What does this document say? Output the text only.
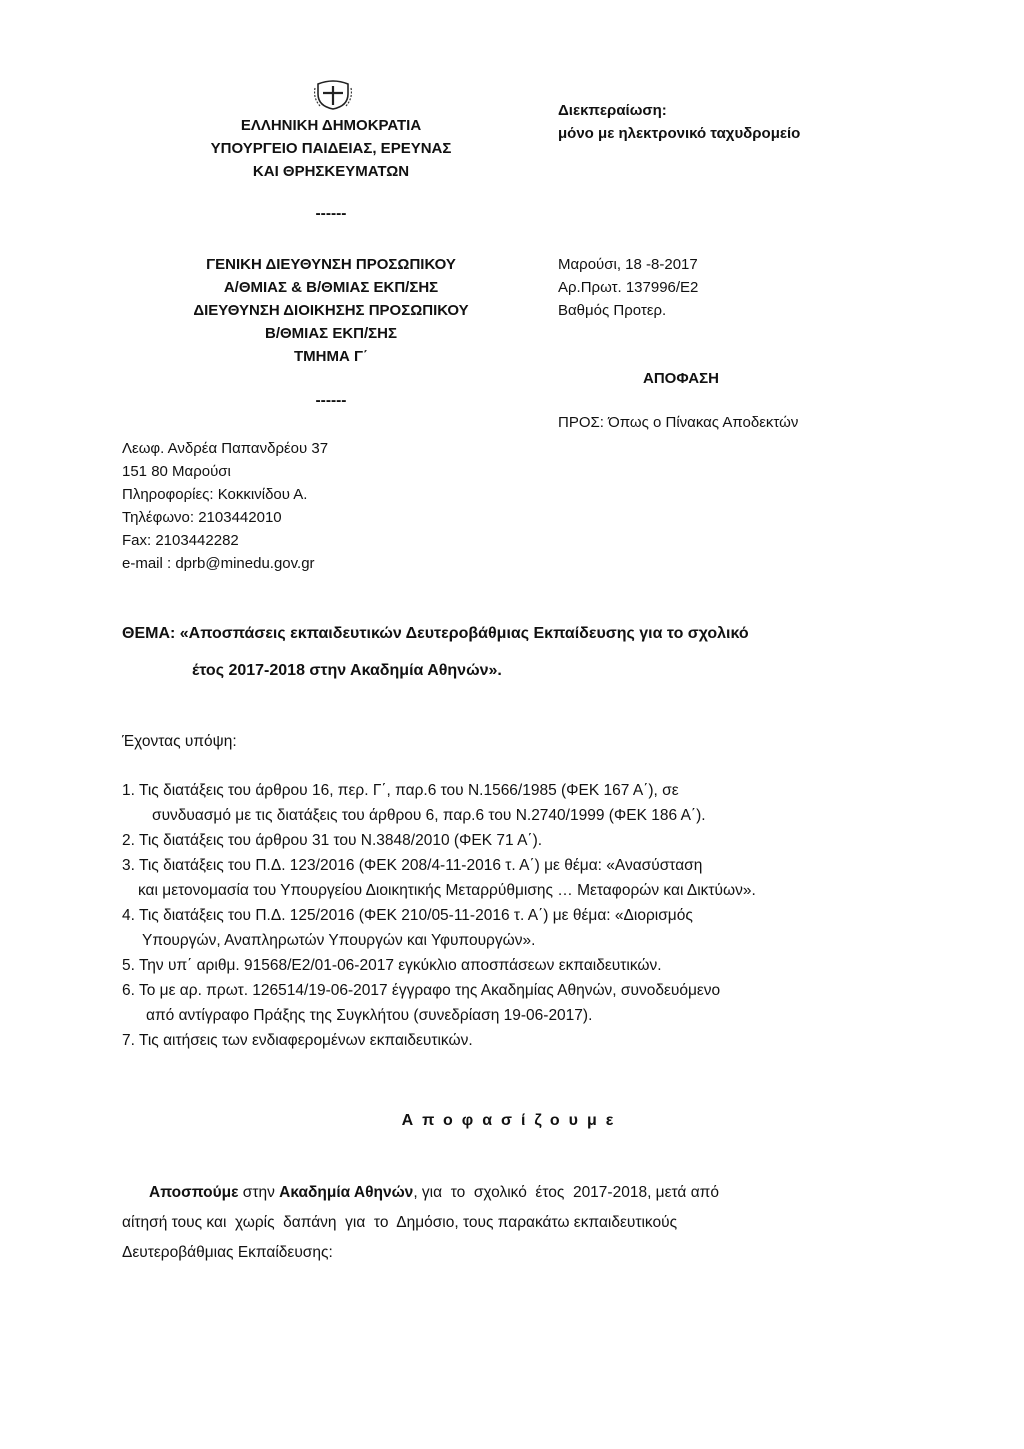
ΕΛΛΗΝΙΚΗ ΔΗΜΟΚΡΑΤΙΑ
ΥΠΟΥΡΓΕΙΟ ΠΑΙΔΕΙΑΣ, ΕΡΕΥΝΑΣ
ΚΑΙ ΘΡΗΣΚΕΥΜΑΤΩΝ
------
ΓΕΝΙΚΗ ΔΙΕΥΘΥΝΣΗ ΠΡΟΣΩΠΙΚΟΥ
Α/ΘΜΙΑΣ & Β/ΘΜΙΑΣ ΕΚΠ/ΣΗΣ
ΔΙΕΥΘΥΝΣΗ ΔΙΟΙΚΗΣΗΣ ΠΡΟΣΩΠΙΚΟΥ
Β/ΘΜΙΑΣ ΕΚΠ/ΣΗΣ
ΤΜΗΜΑ Γ΄
------
Διεκπεραίωση:
μόνο με ηλεκτρονικό ταχυδρομείο
Μαρούσι, 18 -8-2017
Αρ.Πρωτ. 137996/Ε2
Βαθμός Προτερ.
ΑΠΟΦΑΣΗ
ΠΡΟΣ: Όπως ο Πίνακας Αποδεκτών
Λεωφ. Ανδρέα Παπανδρέου 37
151 80 Μαρούσι
Πληροφορίες: Κοκκινίδου Α.
Τηλέφωνο: 2103442010
Fax: 2103442282
e-mail : dprb@minedu.gov.gr
ΘΕΜΑ: «Αποσπάσεις εκπαιδευτικών Δευτεροβάθμιας Εκπαίδευσης για το σχολικό
έτος 2017-2018 στην Ακαδημία Αθηνών».
Έχοντας υπόψη:
1. Τις διατάξεις του άρθρου 16, περ. Γ΄, παρ.6 του Ν.1566/1985 (ΦΕΚ 167 Α΄), σε
συνδυασμό με τις διατάξεις του άρθρου 6, παρ.6 του Ν.2740/1999 (ΦΕΚ 186 Α΄).
2. Τις διατάξεις του άρθρου 31 του Ν.3848/2010 (ΦΕΚ 71 Α΄).
3. Τις διατάξεις του Π.Δ. 123/2016 (ΦΕΚ 208/4-11-2016 τ. Α΄) με θέμα: «Ανασύσταση
και μετονομασία του Υπουργείου Διοικητικής Μεταρρύθμισης … Μεταφορών και Δικτύων».
4. Τις διατάξεις του Π.Δ. 125/2016 (ΦΕΚ 210/05-11-2016 τ. Α΄) με θέμα: «Διορισμός
Υπουργών, Αναπληρωτών Υπουργών και Υφυπουργών».
5. Την υπ΄ αριθμ. 91568/Ε2/01-06-2017 εγκύκλιο αποσπάσεων εκπαιδευτικών.
6. Το με αρ. πρωτ. 126514/19-06-2017 έγγραφο της Ακαδημίας Αθηνών, συνοδευόμενο
από αντίγραφο Πράξης της Συγκλήτου (συνεδρίαση 19-06-2017).
7. Τις αιτήσεις των ενδιαφερομένων εκπαιδευτικών.
Αποφασίζουμε
Αποσπούμε στην Ακαδημία Αθηνών, για  το  σχολικό  έτος  2017-2018, μετά από
αίτησή τους και  χωρίς  δαπάνη  για  το  Δημόσιο, τους παρακάτω εκπαιδευτικούς
Δευτεροβάθμιας Εκπαίδευσης:
